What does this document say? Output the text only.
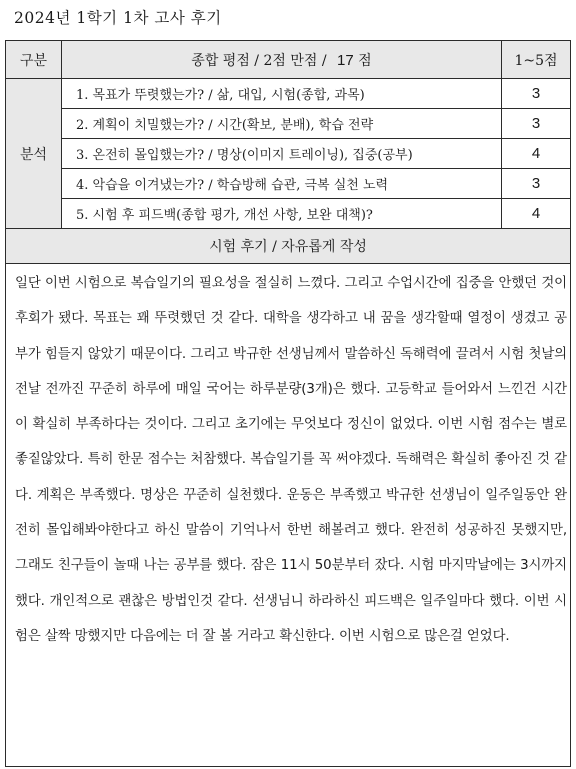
2024년 1학기 1차 고사 후기
구분	종합 평점 / 2점 만점 / 17 점	1~5점
분석	1. 목표가 뚜렷했는가? / 삶, 대입, 시험(종합, 과목)	3
	2. 계획이 치밀했는가? / 시간(확보, 분배), 학습 전략	3
	3. 온전히 몰입했는가? / 명상(이미지 트레이닝), 집중(공부)	4
	4. 악습을 이겨냈는가? / 학습방해 습관, 극복 실천 노력	3
	5. 시험 후 피드백(종합 평가, 개선 사항, 보완 대책)?	4
시험 후기 / 자유롭게 작성		
일단 이번 시험으로 복습일기의 필요성을 절실히 느꼈다. 그리고 수업시간에 집중을 안했던 것이 후회가 됐다. 목표는 꽤 뚜렷했던 것 같다. 대학을 생각하고 내 꿈을 생각할때 열정이 생겼고 공부가 힘들지 않았기 때문이다. 그리고 박규한 선생님께서 말씀하신 독해력에 끌려서 시험 첫날의 전날 전까진 꾸준히 하루에 매일 국어는 하루분량(3개)은 했다. 고등학교 들어와서 느낀건 시간이 확실히 부족하다는 것이다. 그리고 초기에는 무엇보다 정신이 없었다. 이번 시험 점수는 별로 좋짙않았다. 특히 한문 점수는 처참했다. 복습일기를 꼭 써야겠다. 독해력은 확실히 좋아진 것 같다. 계획은 부족했다. 명상은 꾸준히 실천했다. 운동은 부족했고 박규한 선생님이 일주일동안 완전히 몰입해봐야한다고 하신 말씀이 기억나서 한번 해볼려고 했다. 완전히 성공하진 못했지만, 그래도 친구들이 놀때 나는 공부를 했다. 잠은 11시 50분부터 잤다. 시험 마지막날에는 3시까지 했다. 개인적으로 괜찮은 방법인것 같다. 선생님니 하라하신 피드백은 일주일마다 했다. 이번 시험은 살짝 망했지만 다음에는 더 잘 볼 거라고 확신한다. 이번 시험으로 많은걸 얻었다.		
